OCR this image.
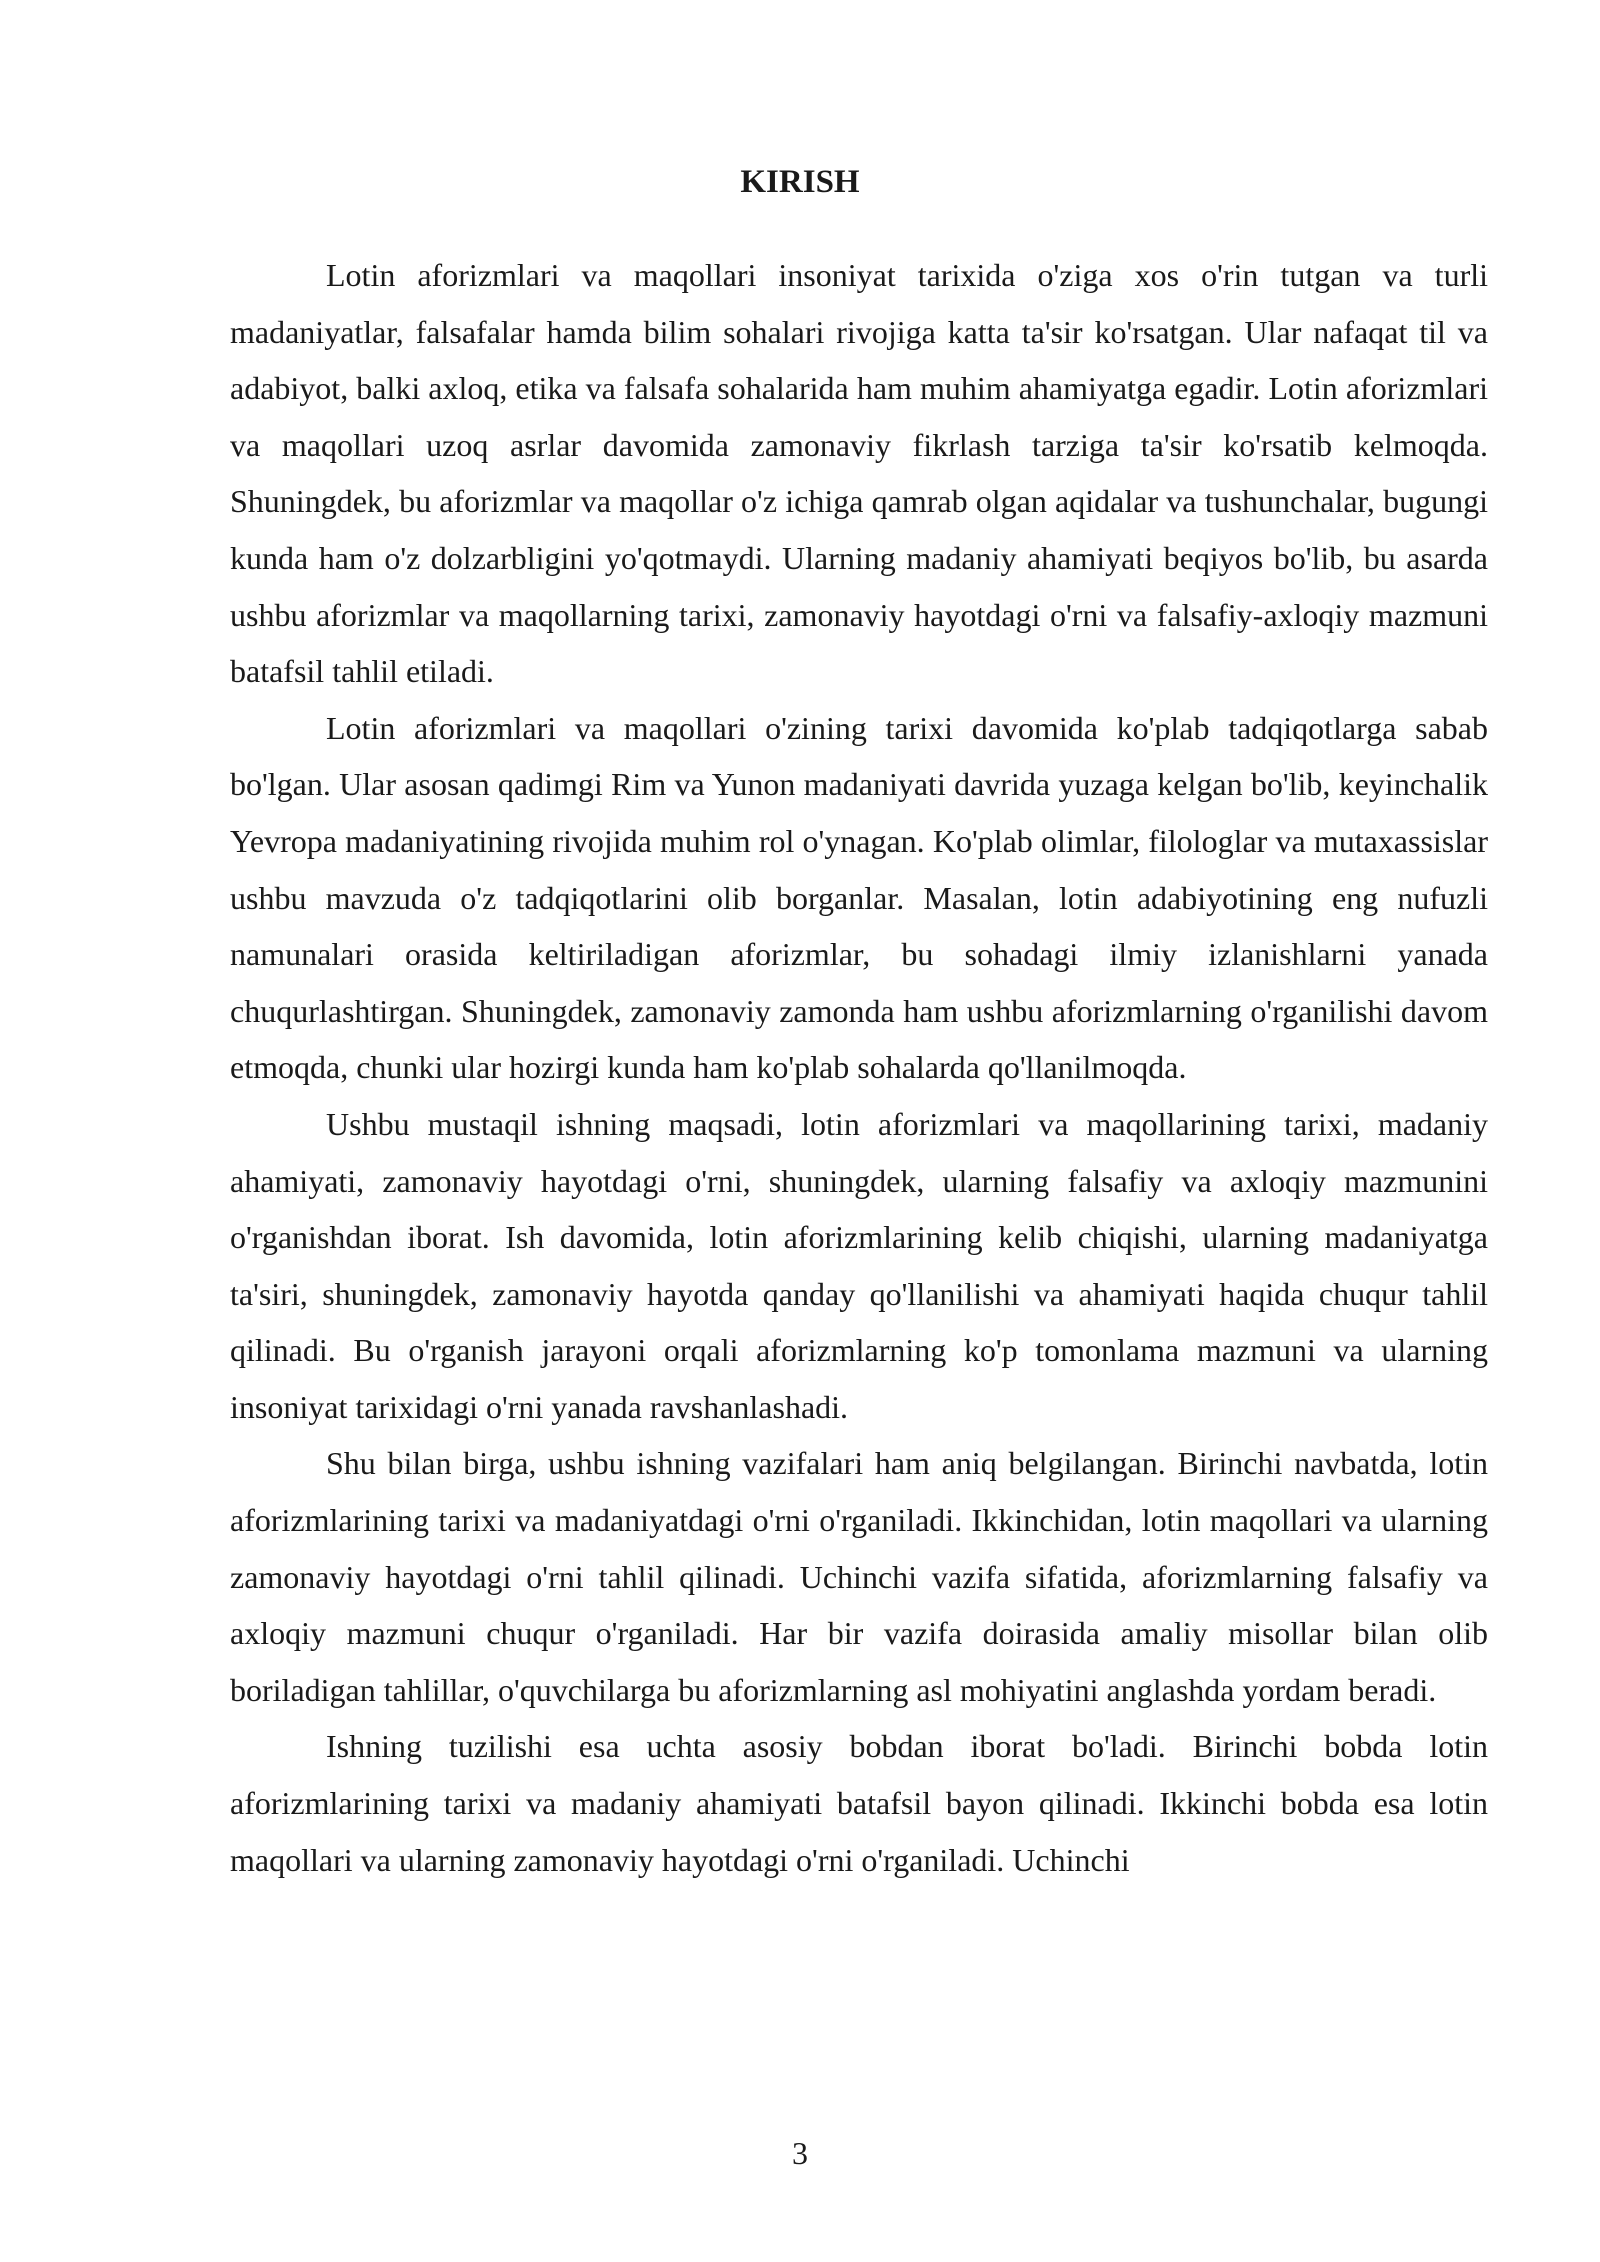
KIRISH

Lotin aforizmlari va maqollari insoniyat tarixida o'ziga xos o'rin tutgan va turli madaniyatlar, falsafalar hamda bilim sohalari rivojiga katta ta'sir ko'rsatgan. Ular nafaqat til va adabiyot, balki axloq, etika va falsafa sohalarida ham muhim ahamiyatga egadir. Lotin aforizmlari va maqollari uzoq asrlar davomida zamonaviy fikrlash tarziga ta'sir ko'rsatib kelmoqda. Shuningdek, bu aforizmlar va maqollar o'z ichiga qamrab olgan aqidalar va tushunchalar, bugungi kunda ham o'z dolzarbligini yo'qotmaydi. Ularning madaniy ahamiyati beqiyos bo'lib, bu asarda ushbu aforizmlar va maqollarning tarixi, zamonaviy hayotdagi o'rni va falsafiy-axloqiy mazmuni batafsil tahlil etiladi.

Lotin aforizmlari va maqollari o'zining tarixi davomida ko'plab tadqiqotlarga sabab bo'lgan. Ular asosan qadimgi Rim va Yunon madaniyati davrida yuzaga kelgan bo'lib, keyinchalik Yevropa madaniyatining rivojida muhim rol o'ynagan. Ko'plab olimlar, filologlar va mutaxassislar ushbu mavzuda o'z tadqiqotlarini olib borganlar. Masalan, lotin adabiyotining eng nufuzli namunalari orasida keltiriladigan aforizmlar, bu sohadagi ilmiy izlanishlarni yanada chuqurlashtirgan. Shuningdek, zamonaviy zamonda ham ushbu aforizmlarning o'rganilishi davom etmoqda, chunki ular hozirgi kunda ham ko'plab sohalarda qo'llanilmoqda.

Ushbu mustaqil ishning maqsadi, lotin aforizmlari va maqollarining tarixi, madaniy ahamiyati, zamonaviy hayotdagi o'rni, shuningdek, ularning falsafiy va axloqiy mazmunini o'rganishdan iborat. Ish davomida, lotin aforizmlarining kelib chiqishi, ularning madaniyatga ta'siri, shuningdek, zamonaviy hayotda qanday qo'llanilishi va ahamiyati haqida chuqur tahlil qilinadi. Bu o'rganish jarayoni orqali aforizmlarning ko'p tomonlama mazmuni va ularning insoniyat tarixidagi o'rni yanada ravshanlashadi.

Shu bilan birga, ushbu ishning vazifalari ham aniq belgilangan. Birinchi navbatda, lotin aforizmlarining tarixi va madaniyatdagi o'rni o'rganiladi. Ikkinchidan, lotin maqollari va ularning zamonaviy hayotdagi o'rni tahlil qilinadi. Uchinchi vazifa sifatida, aforizmlarning falsafiy va axloqiy mazmuni chuqur o'rganiladi. Har bir vazifa doirasida amaliy misollar bilan olib boriladigan tahlillar, o'quvchilarga bu aforizmlarning asl mohiyatini anglashda yordam beradi.

Ishning tuzilishi esa uchta asosiy bobdan iborat bo'ladi. Birinchi bobda lotin aforizmlarining tarixi va madaniy ahamiyati batafsil bayon qilinadi. Ikkinchi bobda esa lotin maqollari va ularning zamonaviy hayotdagi o'rni o'rganiladi. Uchinchi

3
